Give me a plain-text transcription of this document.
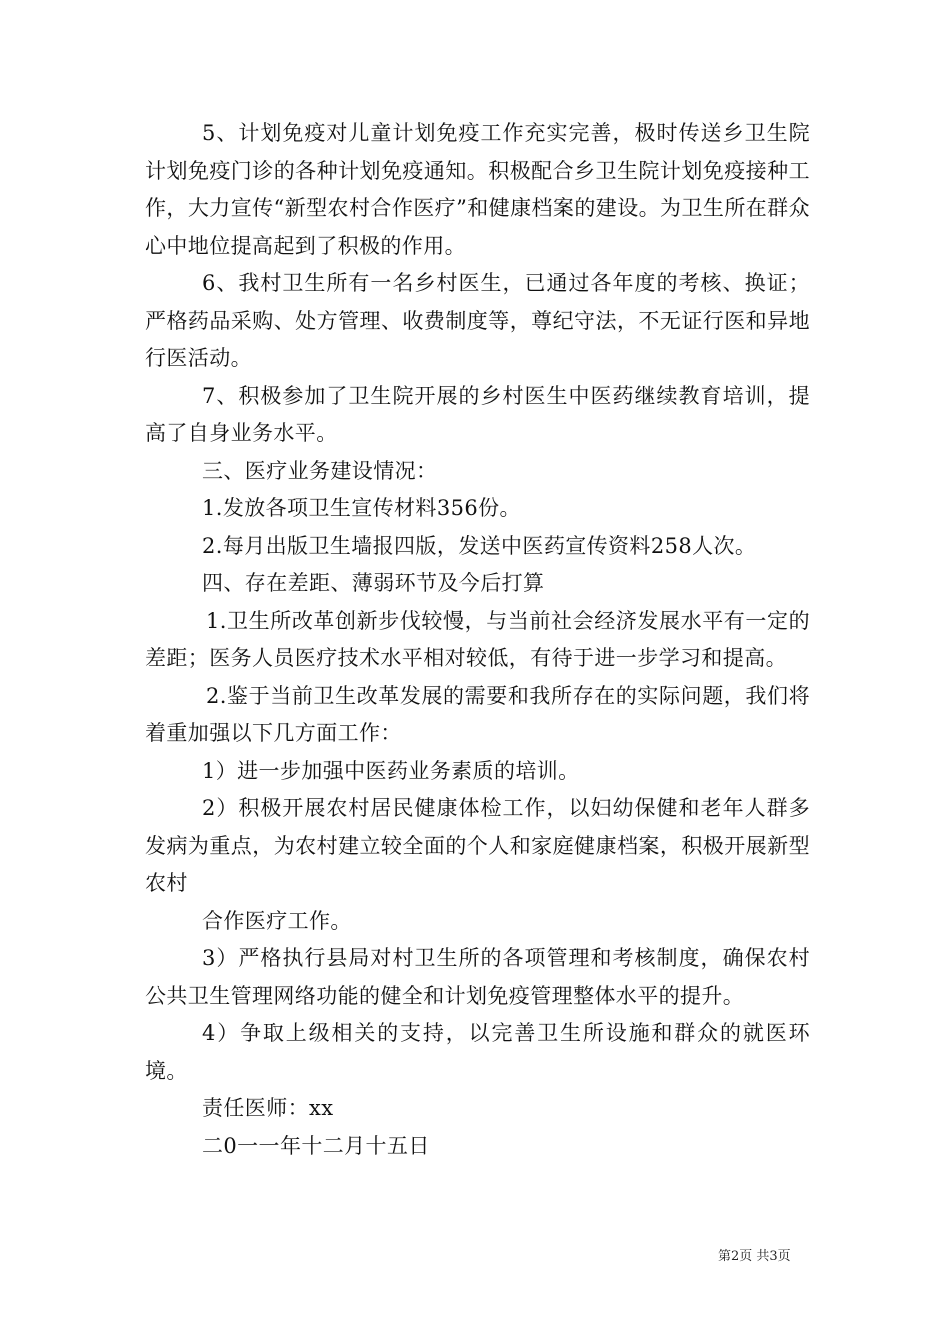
5、计划免疫对儿童计划免疫工作充实完善，极时传送乡卫生院计划免疫门诊的各种计划免疫通知。积极配合乡卫生院计划免疫接种工作，大力宣传“新型农村合作医疗”和健康档案的建设。为卫生所在群众心中地位提高起到了积极的作用。

6、我村卫生所有一名乡村医生，已通过各年度的考核、换证；严格药品采购、处方管理、收费制度等，尊纪守法，不无证行医和异地行医活动。

7、积极参加了卫生院开展的乡村医生中医药继续教育培训，提高了自身业务水平。

三、医疗业务建设情况：

1.发放各项卫生宣传材料356份。

2.每月出版卫生墙报四版，发送中医药宣传资料258人次。

四、存在差距、薄弱环节及今后打算

1.卫生所改革创新步伐较慢，与当前社会经济发展水平有一定的差距；医务人员医疗技术水平相对较低，有待于进一步学习和提高。

2.鉴于当前卫生改革发展的需要和我所存在的实际问题，我们将着重加强以下几方面工作：

1）进一步加强中医药业务素质的培训。

2）积极开展农村居民健康体检工作，以妇幼保健和老年人群多发病为重点，为农村建立较全面的个人和家庭健康档案，积极开展新型农村

合作医疗工作。

3）严格执行县局对村卫生所的各项管理和考核制度，确保农村公共卫生管理网络功能的健全和计划免疫管理整体水平的提升。

4）争取上级相关的支持，以完善卫生所设施和群众的就医环境。

责任医师：xx

二0一一年十二月十五日

第2页 共3页
